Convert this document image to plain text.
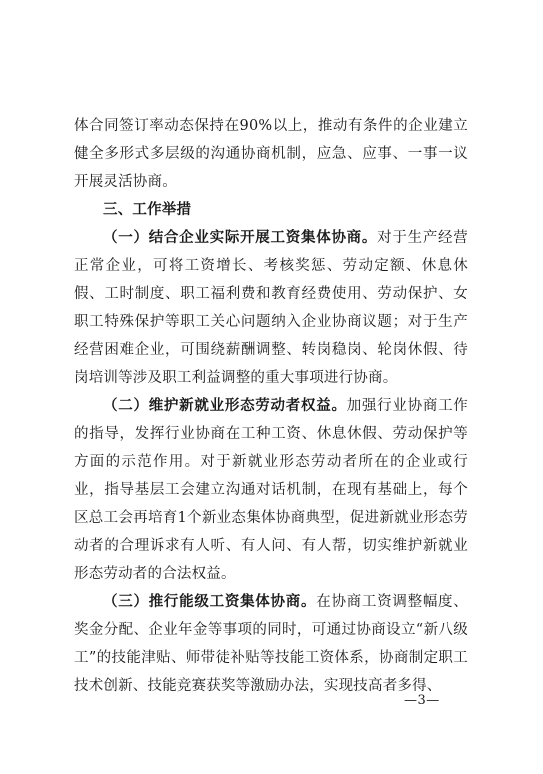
体合同签订率动态保持在90%以上，推动有条件的企业建立健全多形式多层级的沟通协商机制，应急、应事、一事一议开展灵活协商。

三、工作举措

（一）结合企业实际开展工资集体协商。对于生产经营正常企业，可将工资增长、考核奖惩、劳动定额、休息休假、工时制度、职工福利费和教育经费使用、劳动保护、女职工特殊保护等职工关心问题纳入企业协商议题；对于生产经营困难企业，可围绕薪酬调整、转岗稳岗、轮岗休假、待岗培训等涉及职工利益调整的重大事项进行协商。

（二）维护新就业形态劳动者权益。加强行业协商工作的指导，发挥行业协商在工种工资、休息休假、劳动保护等方面的示范作用。对于新就业形态劳动者所在的企业或行业，指导基层工会建立沟通对话机制，在现有基础上，每个区总工会再培育1个新业态集体协商典型，促进新就业形态劳动者的合理诉求有人听、有人问、有人帮，切实维护新就业形态劳动者的合法权益。

（三）推行能级工资集体协商。在协商工资调整幅度、奖金分配、企业年金等事项的同时，可通过协商设立“新八级工”的技能津贴、师带徒补贴等技能工资体系，协商制定职工技术创新、技能竞赛获奖等激励办法，实现技高者多得、

—3—
